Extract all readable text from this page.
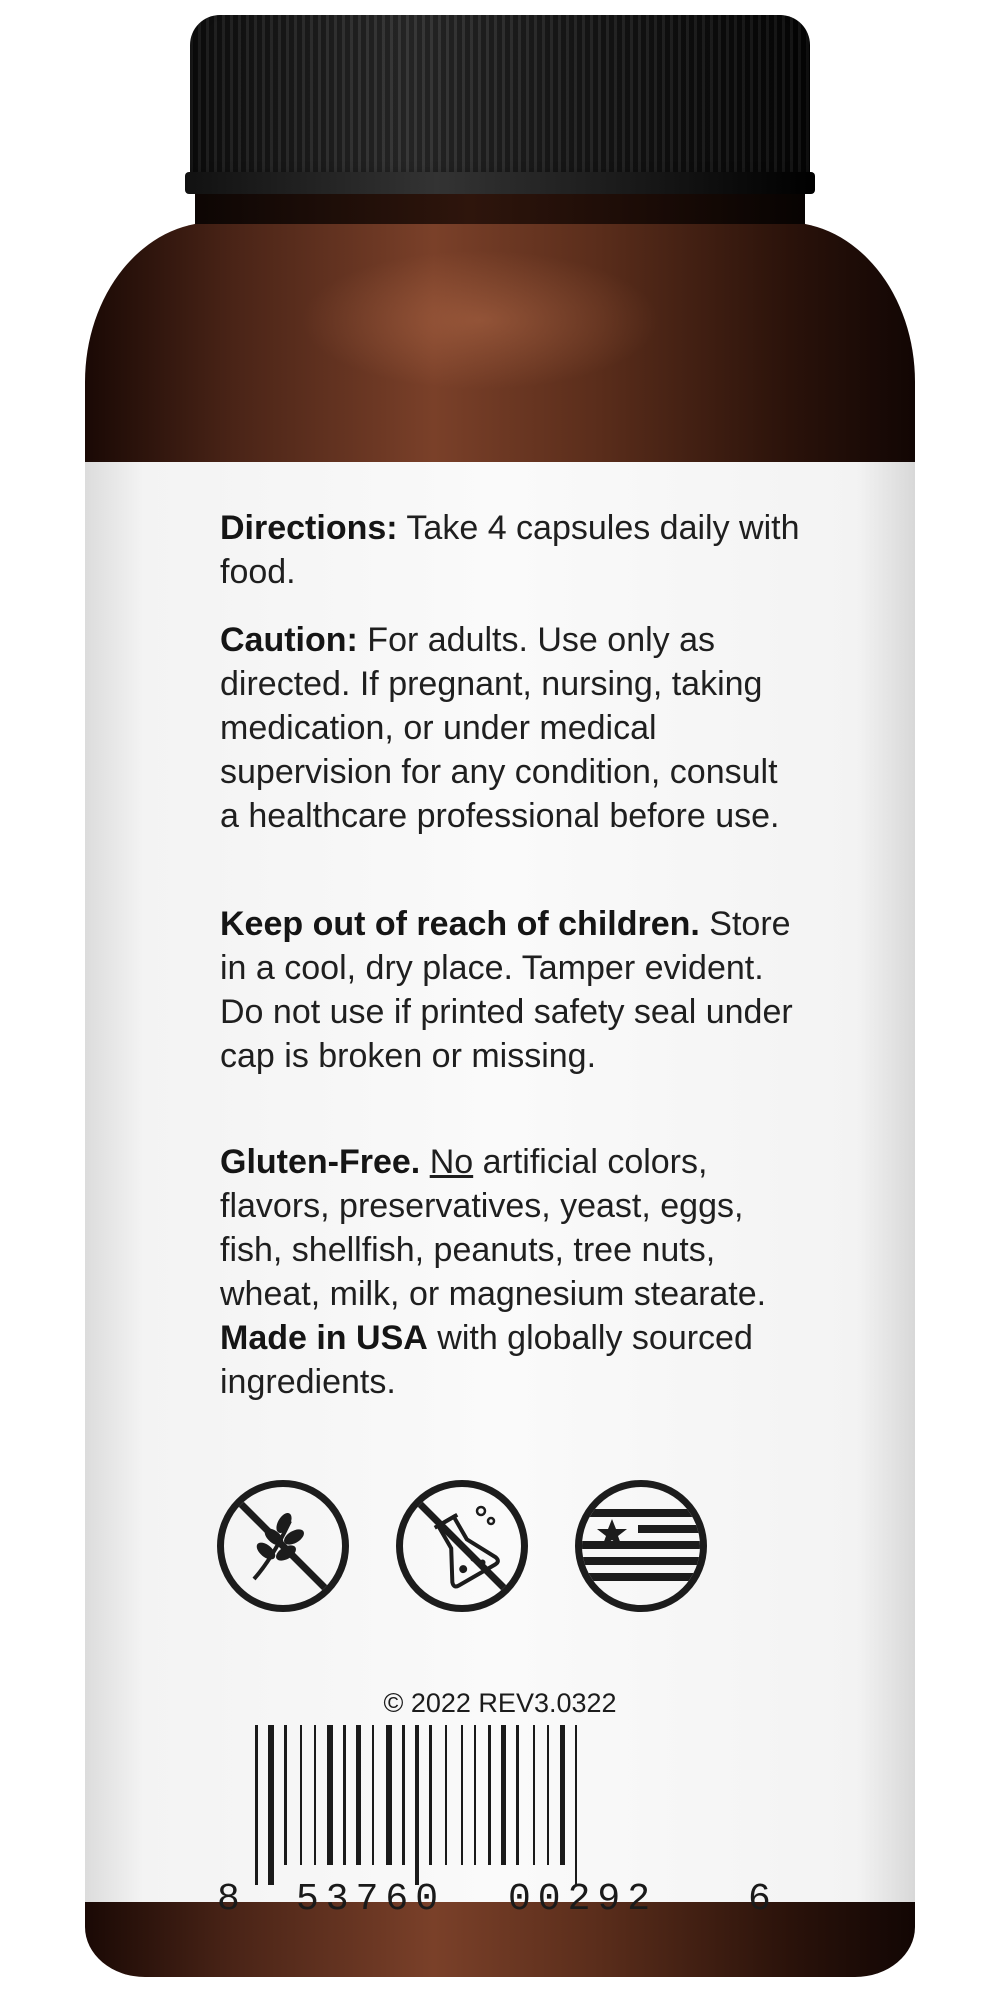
Directions: Take 4 capsules daily with food.
Caution: For adults. Use only as directed. If pregnant, nursing, taking medication, or under medical supervision for any condition, consult a healthcare professional before use.
Keep out of reach of children. Store in a cool, dry place. Tamper evident. Do not use if printed safety seal under cap is broken or missing.
Gluten-Free. No artificial colors, flavors, preservatives, yeast, eggs, fish, shellfish, peanuts, tree nuts, wheat, milk, or magnesium stearate. Made in USA with globally sourced ingredients.
© 2022 REV3.0322
8 53760 00292 6
